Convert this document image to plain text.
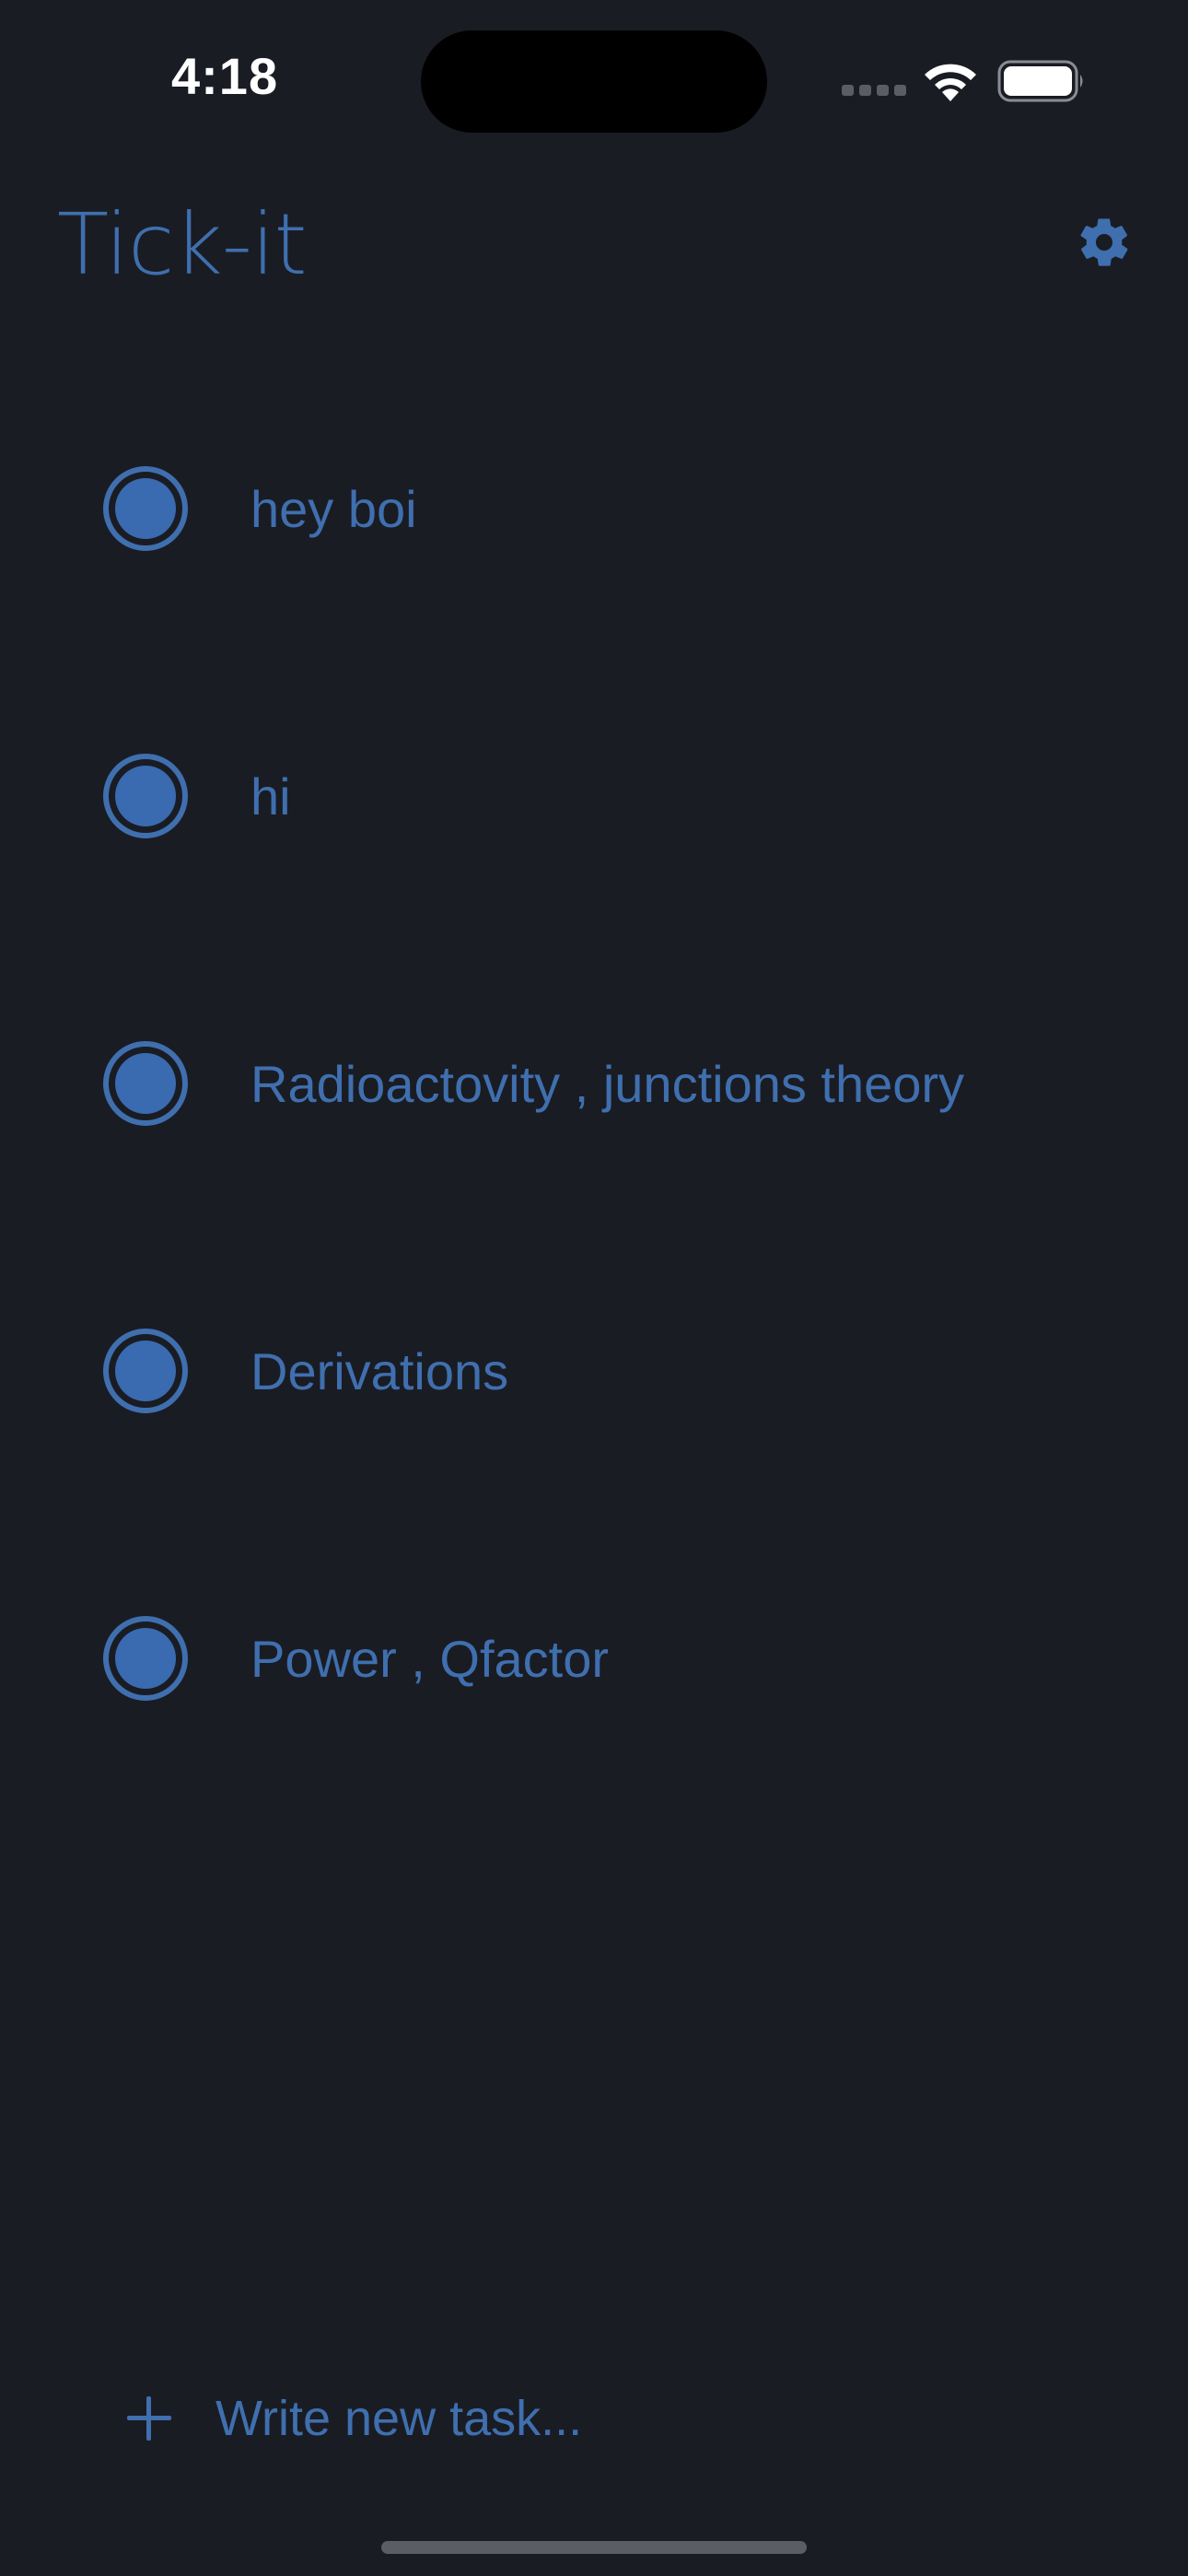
4:18
Tick-it
hey boi
hi
Radioactovity , junctions theory
Derivations
Power , Qfactor
Write new task...
